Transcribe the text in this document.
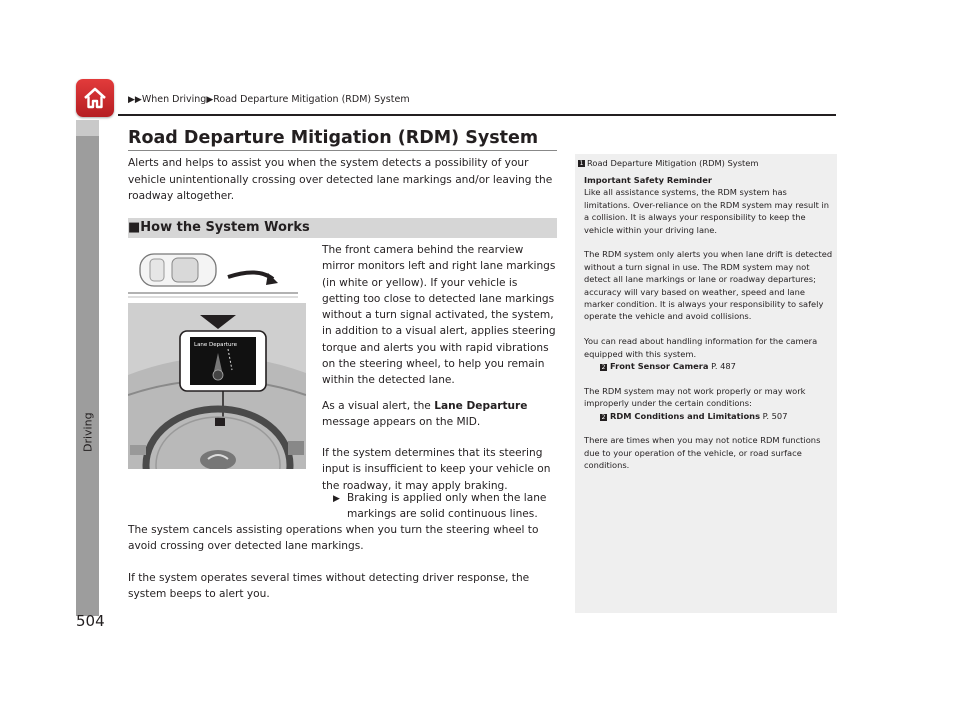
Driving
▶▶When Driving▶Road Departure Mitigation (RDM) System
Road Departure Mitigation (RDM) System
Alerts and helps to assist you when the system detects a possibility of your vehicle unintentionally crossing over detected lane markings and/or leaving the roadway altogether.
■How the System Works
Lane Departure
The front camera behind the rearview mirror monitors left and right lane markings (in white or yellow). If your vehicle is getting too close to detected lane markings without a turn signal activated, the system, in addition to a visual alert, applies steering torque and alerts you with rapid vibrations on the steering wheel, to help you remain within the detected lane.
As a visual alert, the Lane Departure message appears on the MID.
If the system determines that its steering input is insufficient to keep your vehicle on the roadway, it may apply braking.
▶ Braking is applied only when the lane markings are solid continuous lines.
The system cancels assisting operations when you turn the steering wheel to avoid crossing over detected lane markings.
If the system operates several times without detecting driver response, the system beeps to alert you.
504
1 Road Departure Mitigation (RDM) System

Important Safety Reminder

Like all assistance systems, the RDM system has limitations. Over-reliance on the RDM system may result in a collision. It is always your responsibility to keep the vehicle within your driving lane.

The RDM system only alerts you when lane drift is detected without a turn signal in use. The RDM system may not detect all lane markings or lane or roadway departures; accuracy will vary based on weather, speed and lane marker condition. It is always your responsibility to safely operate the vehicle and avoid collisions.

You can read about handling information for the camera equipped with this system.
2 Front Sensor Camera P. 487

The RDM system may not work properly or may work improperly under the certain conditions:
2 RDM Conditions and Limitations P. 507

There are times when you may not notice RDM functions due to your operation of the vehicle, or road surface conditions.
